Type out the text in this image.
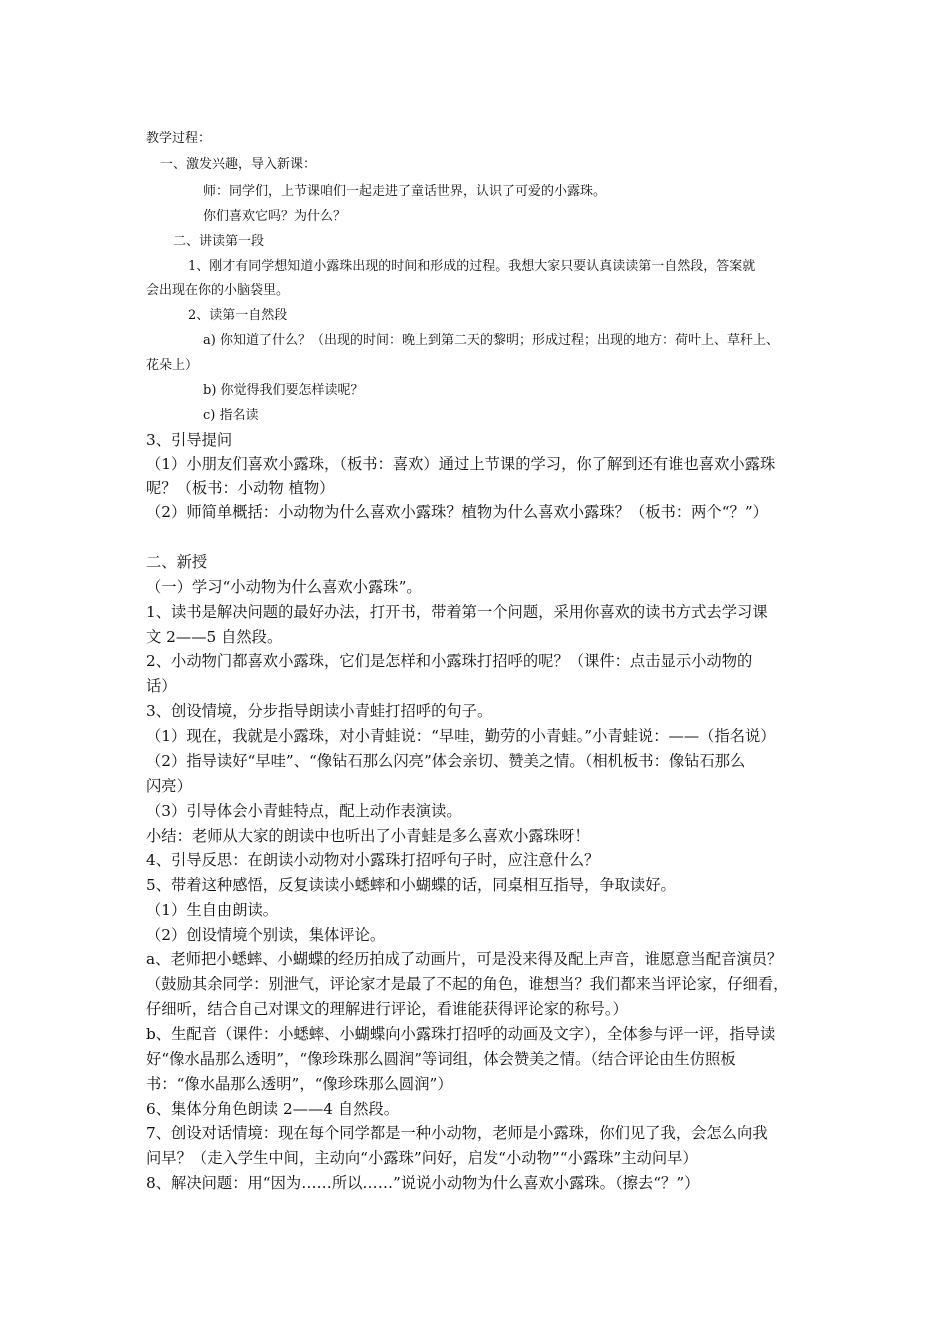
教学过程：
一、激发兴趣，导入新课：
师：同学们，上节课咱们一起走进了童话世界，认识了可爱的小露珠。
你们喜欢它吗？为什么？
二、讲读第一段
1、刚才有同学想知道小露珠出现的时间和形成的过程。我想大家只要认真读读第一自然段，答案就
会出现在你的小脑袋里。
2、读第一自然段
a) 你知道了什么？（出现的时间：晚上到第二天的黎明；形成过程；出现的地方：荷叶上、草秆上、
花朵上）
b) 你觉得我们要怎样读呢？
c) 指名读
3、引导提问
（1）小朋友们喜欢小露珠，（板书：喜欢）通过上节课的学习，你了解到还有谁也喜欢小露珠
呢？（板书：小动物 植物）
（2）师简单概括：小动物为什么喜欢小露珠？植物为什么喜欢小露珠？（板书：两个“？”）
二、新授
（一）学习“小动物为什么喜欢小露珠”。
1、读书是解决问题的最好办法，打开书，带着第一个问题，采用你喜欢的读书方式去学习课
文 2——5 自然段。
2、小动物门都喜欢小露珠，它们是怎样和小露珠打招呼的呢？（课件：点击显示小动物的
话）
3、创设情境，分步指导朗读小青蛙打招呼的句子。
（1）现在，我就是小露珠，对小青蛙说：“早哇，勤劳的小青蛙。”小青蛙说：——（指名说）
（2）指导读好“早哇”、“像钻石那么闪亮”体会亲切、赞美之情。（相机板书：像钻石那么
闪亮）
（3）引导体会小青蛙特点，配上动作表演读。
小结：老师从大家的朗读中也听出了小青蛙是多么喜欢小露珠呀！
4、引导反思：在朗读小动物对小露珠打招呼句子时，应注意什么？
5、带着这种感悟，反复读读小蟋蟀和小蝴蝶的话，同桌相互指导，争取读好。
（1）生自由朗读。
（2）创设情境个别读，集体评论。
a、老师把小蟋蟀、小蝴蝶的经历拍成了动画片，可是没来得及配上声音，谁愿意当配音演员？
（鼓励其余同学：别泄气，评论家才是最了不起的角色，谁想当？我们都来当评论家，仔细看，
仔细听，结合自己对课文的理解进行评论，看谁能获得评论家的称号。）
b、生配音（课件：小蟋蟀、小蝴蝶向小露珠打招呼的动画及文字），全体参与评一评，指导读
好“像水晶那么透明”，“像珍珠那么圆润”等词组，体会赞美之情。（结合评论由生仿照板
书：“像水晶那么透明”，“像珍珠那么圆润”）
6、集体分角色朗读 2——4 自然段。
7、创设对话情境：现在每个同学都是一种小动物，老师是小露珠，你们见了我，会怎么向我
问早？（走入学生中间，主动向“小露珠”问好，启发“小动物”“小露珠”主动问早）
8、解决问题：用“因为……所以……”说说小动物为什么喜欢小露珠。（擦去“？”）
